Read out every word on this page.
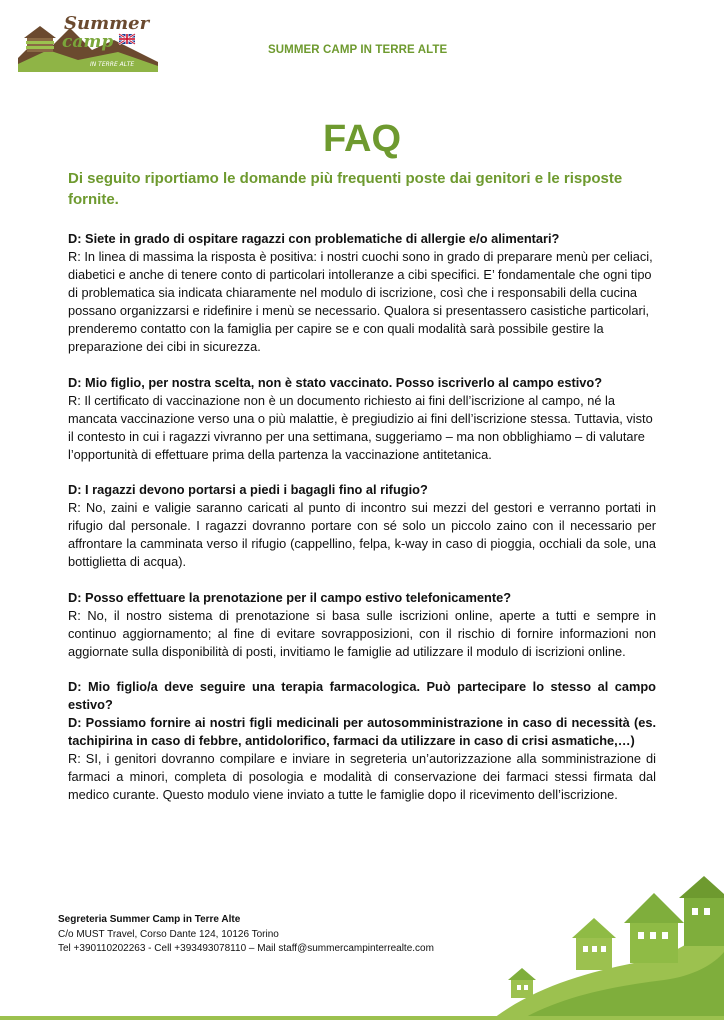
Summer
camp
IN TERRE ALTE
SUMMER CAMP IN TERRE ALTE
FAQ
Di seguito riportiamo le domande più frequenti poste dai genitori e le risposte fornite.

D: Siete in grado di ospitare ragazzi con problematiche di allergie e/o alimentari?

R: In linea di massima la risposta è positiva: i nostri cuochi sono in grado di preparare menù per celiaci, diabetici e anche di tenere conto di particolari intolleranze a cibi specifici. E’ fondamentale che ogni tipo di problematica sia indicata chiaramente nel modulo di iscrizione, così che i responsabili della cucina possano organizzarsi e ridefinire i menù se necessario. Qualora si presentassero casistiche particolari, prenderemo contatto con la famiglia per capire se e con quali modalità sarà possibile gestire la preparazione dei cibi in sicurezza.

D: Mio figlio, per nostra scelta, non è stato vaccinato. Posso iscriverlo al campo estivo?

R: Il certificato di vaccinazione non è un documento richiesto ai fini dell’iscrizione al campo, né la mancata vaccinazione verso una o più malattie, è pregiudizio ai fini dell’iscrizione stessa. Tuttavia, visto il contesto in cui i ragazzi vivranno per una settimana, suggeriamo – ma non obblighiamo – di valutare l’opportunità di effettuare prima della partenza la vaccinazione antitetanica.

D: I ragazzi devono portarsi a piedi i bagagli fino al rifugio?

R: No, zaini e valigie saranno caricati al punto di incontro sui mezzi del gestori e verranno portati in rifugio dal personale. I ragazzi dovranno portare con sé solo un piccolo zaino con il necessario per affrontare la camminata verso il rifugio (cappellino, felpa, k-way in caso di pioggia, occhiali da sole, una bottiglietta di acqua).

D: Posso effettuare la prenotazione per il campo estivo telefonicamente?

R: No, il nostro sistema di prenotazione si basa sulle iscrizioni online, aperte a tutti e sempre in continuo aggiornamento; al fine di evitare sovrapposizioni, con il rischio di fornire informazioni non aggiornate sulla disponibilità di posti, invitiamo le famiglie ad utilizzare il modulo di iscrizioni online.

D: Mio figlio/a deve seguire una terapia farmacologica. Può partecipare lo stesso al campo estivo?

D: Possiamo fornire ai nostri figli medicinali per autosomministrazione in caso di necessità (es. tachipirina in caso di febbre, antidolorifico, farmaci da utilizzare in caso di crisi asmatiche,…)

R: SI, i genitori dovranno compilare e inviare in segreteria un’autorizzazione alla somministrazione di farmaci a minori, completa di posologia e modalità di conservazione dei farmaci stessi firmata dal medico curante. Questo modulo viene inviato a tutte le famiglie dopo il ricevimento dell’iscrizione.

Segreteria Summer Camp in Terre Alte
C/o MUST Travel, Corso Dante 124, 10126 Torino
Tel +390110202263 - Cell +393493078110 – Mail staff@summercampinterrealte.com
